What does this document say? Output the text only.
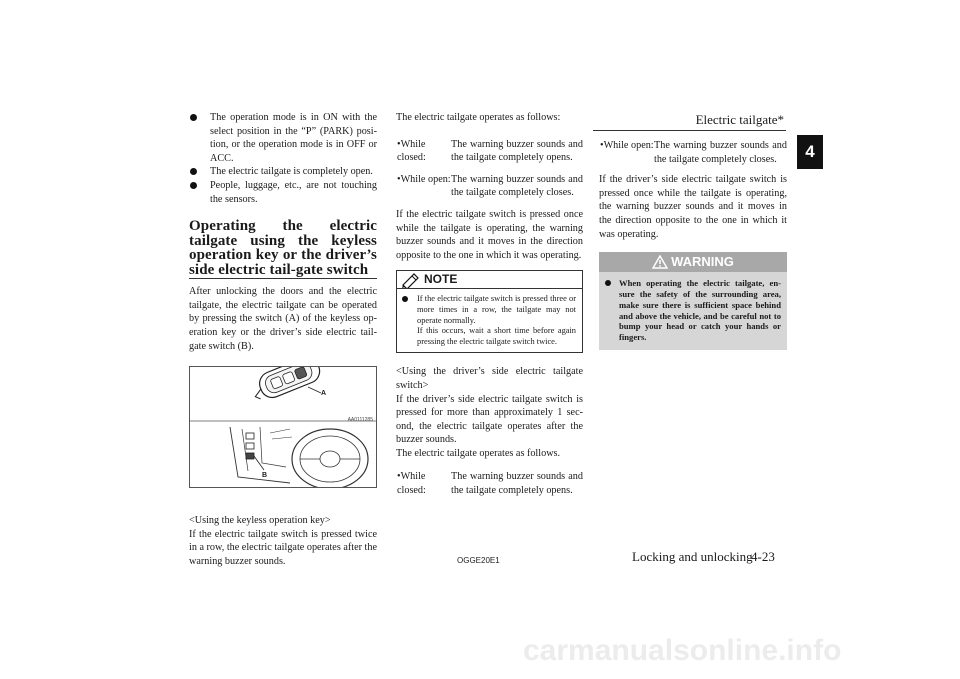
Electric tailgate*
4
The operation mode is in ON with the select position in the “P” (PARK) posi-tion, or the operation mode is in OFF or ACC.
The electric tailgate is completely open.
People, luggage, etc., are not touching the sensors.
Operating the electric tailgate using the keyless operation key or the driver’s side electric tail-gate switch

After unlocking the doors and the electric tailgate, the electric tailgate can be operated by pressing the switch (A) of the keyless op-eration key or the driver’s side electric tail-gate switch (B).

A
B
AA0111285

<Using the keyless operation key>

If the electric tailgate switch is pressed twice in a row, the electric tailgate operates after the warning buzzer sounds.

The electric tailgate operates as follows:

•While closed:
The warning buzzer sounds and the tailgate completely opens.
•While open: The warning buzzer sounds and the tailgate completely closes.

If the electric tailgate switch is pressed once while the tailgate is operating, the warning buzzer sounds and it moves in the direction opposite to the one in which it was operating.

NOTE
If the electric tailgate switch is pressed three or more times in a row, the tailgate may not operate normally.
If this occurs, wait a short time before again pressing the electric tailgate switch twice.

<Using the driver’s side electric tailgate switch>

If the driver’s side electric tailgate switch is pressed for more than approximately 1 sec-ond, the electric tailgate operates after the buzzer sounds.

The electric tailgate operates as follows.

•While closed:
The warning buzzer sounds and the tailgate completely opens.
•While open: The warning buzzer sounds and the tailgate completely closes.

If the driver’s side electric tailgate switch is pressed once while the tailgate is operating, the warning buzzer sounds and it moves in the direction opposite to the one in which it was operating.

WARNING
When operating the electric tailgate, en-sure the safety of the surrounding area, make sure there is sufficient space behind and above the vehicle, and be careful not to bump your head or catch your hands or fingers.
OGGE20E1	Locking and unlocking
4-23
carmanualsonline.info
